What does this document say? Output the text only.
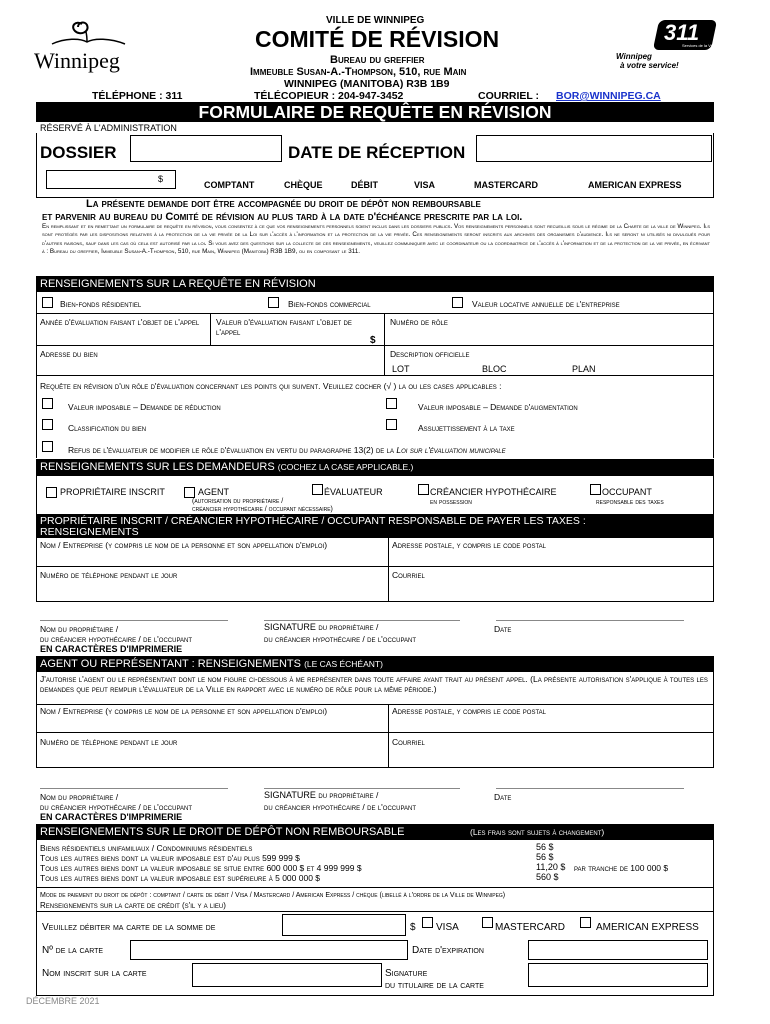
Winnipeg
VILLE DE WINNIPEG
COMITÉ DE RÉVISION
Bureau du greffier
Immeuble Susan-A.-Thompson, 510, rue Main
WINNIPEG (MANITOBA) R3B 1B9
TÉLÉPHONE : 311	TÉLÉCOPIEUR : 204-947-3452	COURRIEL : BOR@WINNIPEG.CA
311
Services de la Ville
Winnipeg
à votre service!
FORMULAIRE DE REQUÊTE EN RÉVISION
RÉSERVÉ À L'ADMINISTRATION
DOSSIER	DATE DE RÉCEPTION
$
COMPTANT	CHÈQUE	DÉBIT	VISA	MASTERCARD	AMERICAN EXPRESS
La présente demande doit être accompagnée du droit de dépôt non remboursable
et parvenir au bureau du Comité de révision au plus tard à la date d'échéance prescrite par la loi.
En remplissant et en remettant un formulaire de requête en révision, vous consentez à ce que vos renseignements personnels soient inclus dans les dossiers publics. Vos renseignements personnels sont recueillis sous le régime de la Charte de la ville de Winnipeg. Ils sont protégés par les dispositions relatives à la protection de la vie privée de la Loi sur l'accès à l'information et la protection de la vie privée. Ces renseignements seront inscrits aux archives des organismes d'audience. Ils ne seront ni utilisés ni divulgués pour d'autres raisons, sauf dans les cas où cela est autorisé par la loi. Si vous avez des questions sur la collecte de ces renseignements, veuillez communiquer avec le coordinateur ou la coordinatrice de l'accès à l'information et de la protection de la vie privée, en écrivant à : Bureau du greffier, Immeuble Susan-A.-Thompson, 510, rue Main, Winnipeg (Manitoba) R3B 1B9, ou en composant le 311.
RENSEIGNEMENTS SUR LA REQUÊTE EN RÉVISION
Bien-fonds résidentiel	Bien-fonds commercial	Valeur locative annuelle de l'entreprise
Année d'évaluation faisant l'objet de l'appel Valeur d'évaluation faisant l'objet de l'appel
$
Numéro de rôle
Adresse du bien	Description officielle
LOT	BLOC	PLAN
Requête en révision d'un rôle d'évaluation concernant les points qui suivent. Veuillez cocher (√ ) la ou les cases applicables :
Valeur imposable – Demande de réduction	Valeur imposable – Demande d'augmentation
Classification du bien	Assujettissement à la taxe
Refus de l'évaluateur de modifier le rôle d'évaluation en vertu du paragraphe 13(2) de la Loi sur l'évaluation municipale
RENSEIGNEMENTS SUR LES DEMANDEURS (COCHEZ LA CASE APPLICABLE.)
PROPRIÉTAIRE INSCRIT	AGENT
(autorisation du propriétaire /
créancier hypothécaire / occupant nécessaire)
ÉVALUATEUR	CRÉANCIER HYPOTHÉCAIRE
en possession
OCCUPANT
responsable des taxes
PROPRIÉTAIRE INSCRIT / CRÉANCIER HYPOTHÉCAIRE / OCCUPANT RESPONSABLE DE PAYER LES TAXES :
RENSEIGNEMENTS
Nom / Entreprise (y compris le nom de la personne et son appellation d'emploi)	Adresse postale, y compris le code postal
Numéro de téléphone pendant le jour	Courriel
Nom du propriétaire /
du créancier hypothécaire / de l'occupant
SIGNATURE du propriétaire /
du créancier hypothécaire / de l'occupant
Date
EN CARACTÈRES D'IMPRIMERIE
AGENT OU REPRÉSENTANT : RENSEIGNEMENTS (LE CAS ÉCHÉANT)
J'autorise l'agent ou le représentant dont le nom figure ci-dessous à me représenter dans toute affaire ayant trait au présent appel. (La présente autorisation s'applique à toutes les demandes que peut remplir l'évaluateur de la Ville en rapport avec le numéro de rôle pour la même période.)
Nom / Entreprise (y compris le nom de la personne et son appellation d'emploi)	Adresse postale, y compris le code postal
Numéro de téléphone pendant le jour	Courriel
Nom du propriétaire /
du créancier hypothécaire / de l'occupant
SIGNATURE du propriétaire /
du créancier hypothécaire / de l'occupant
Date
EN CARACTÈRES D'IMPRIMERIE
RENSEIGNEMENTS SUR LE DROIT DE DÉPÔT NON REMBOURSABLE	(Les frais sont sujets à changement)
Biens résidentiels unifamiliaux / Condominiums résidentiels	56 $
Tous les autres biens dont la valeur imposable est d'au plus 599 999 $	56 $
Tous les autres biens dont la valeur imposable se situe entre 600 000 $ et 4 999 999 $	11,20 $ par tranche de 100 000 $
Tous les autres biens dont la valeur imposable est supérieure à 5 000 000 $	560 $
Mode de paiement du droit de dépôt : comptant / carte de débit / Visa / Mastercard / American Express / chèque (libellé à l'ordre de la Ville de Winnipeg)
Renseignements sur la carte de crédit (s'il y a lieu)
Veuillez débiter ma carte de la somme de	$ VISA	MASTERCARD	AMERICAN EXPRESS
Nº de la carte	Date d'expiration
Nom inscrit sur la carte	Signature
du titulaire de la carte
DÉCEMBRE 2021
